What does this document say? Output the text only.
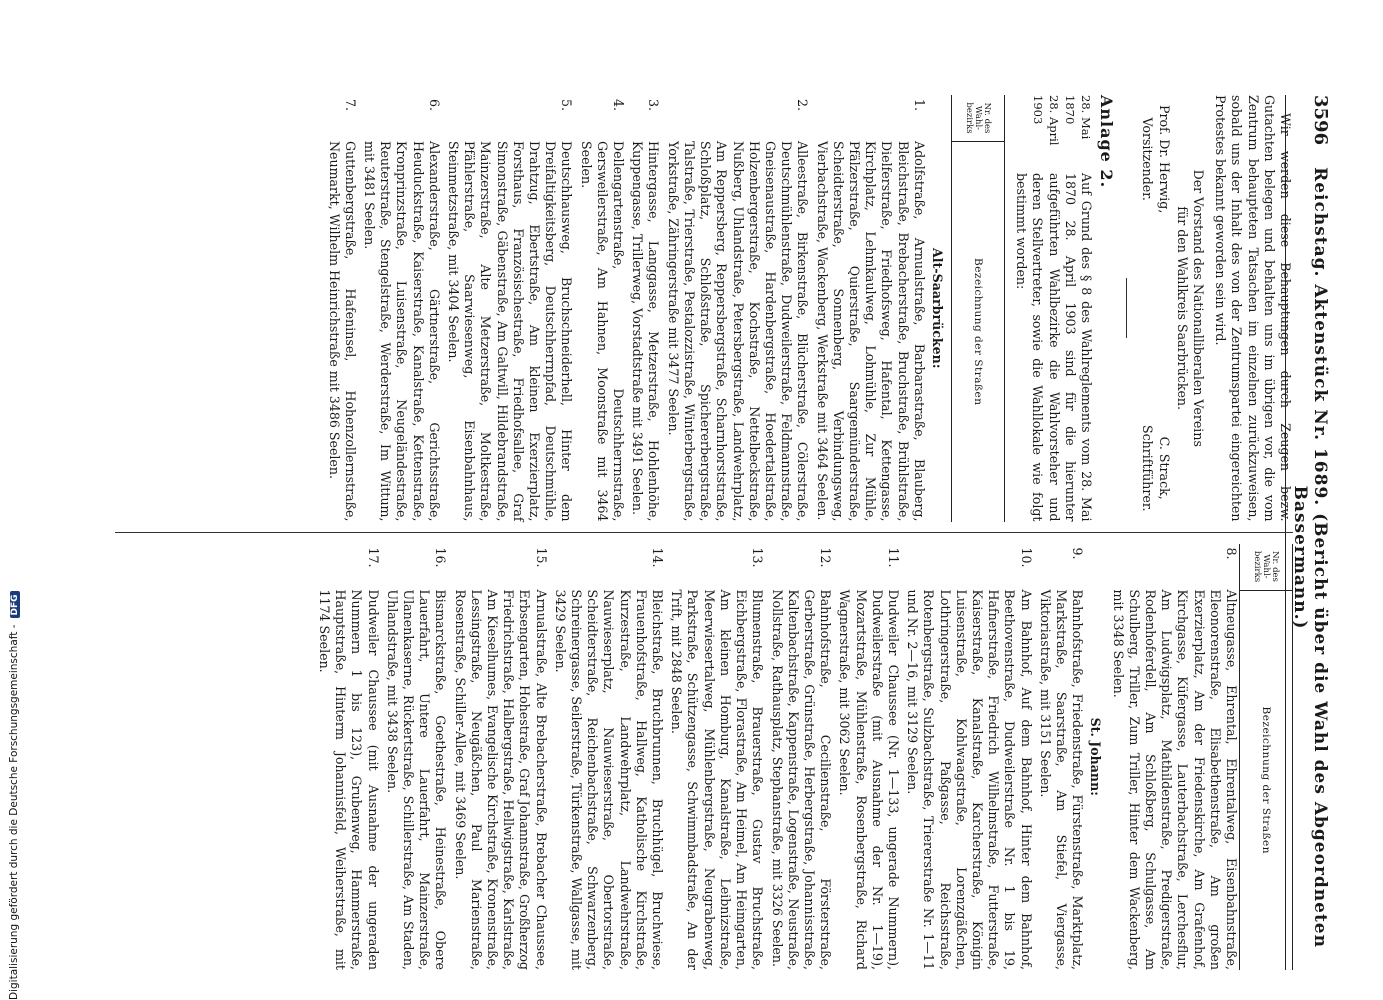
3596
Reichstag. Aktenstück Nr. 1689. (Bericht über die Wahl des Abgeordneten Bassermann.)

Wir werden diese Behauptungen durch Zeugen bezw. Gutachten belegen und behalten uns im übrigen vor, die vom Zentrum behaupteten Tatsachen im einzelnen zurückzuweisen, sobald uns der Inhalt des von der Zentrumspartei eingereichten Protestes bekannt geworden sein wird.

Der Vorstand des Nationalliberalen Vereins
für den Wahlkreis Saarbrücken.
Prof. Dr. Herwig,
Vorsitzender.
C. Strack,
Schriftführer.
Anlage 2.
28. Mai 1870
28. April 1903
Auf Grund des § 8 des Wahlreglements vom 28. Mai 1870 28. April 1903 sind für die hierunter aufgeführten Wahlbezirke die Wahlvorsteher und deren Stellvertreter, sowie die Wahllokale wie folgt bestimmt worden:
Nr. des Wahl- bezirks
Bezeichnung der Straßen
Alt-Saarbrücken:
1.
Adolfstraße, Arnualstraße, Barbarastraße, Blauberg, Bleichstraße, Brebacherstraße, Bruchstraße, Brühlstraße, Dielferstraße, Friedhofsweg, Hafental, Kettengasse, Kirchplatz, Lehmkaulweg, Lohmühle, Zur Mühle, Pfälzerstraße, Quierstraße, Saargemünderstraße, Scheidterstraße, Sonnenberg, Verbindungsweg, Vierbachstraße, Wackenberg, Werkstraße mit 3464 Seelen.
2.
Alleestraße, Birkenstraße, Blücherstraße, Cölerstraße, Deutschmühlenstraße, Dudweilerstraße, Feldmannstraße, Gneisenaustraße, Hardenbergstraße, Hoedertalstraße, Holzenbergerstraße, Kochstraße, Nettelbeckstraße, Nußberg, Uhlandstraße, Petersbergstraße, Landwehrplatz, Am Reppersberg, Reppersbergstraße, Scharnhorststraße, Schloßplatz, Schloßstraße, Spichererbergstraße, Talstraße, Trierstraße, Pestalozzistraße, Winterbergstraße, Yorkstraße, Zähringerstraße mit 3477 Seelen.
3.
Hintergasse, Langgasse, Metzerstraße, Hohlenhöhe, Kuppengasse, Trillerweg, Vorstadtstraße mit 3491 Seelen.
4.
Dellengartenstraße, Deutschherrnstraße, Gersweilerstraße, Am Hahnen, Moonstraße mit 3464 Seelen.
5.
Deutschhausweg, Bruchschneiderhell, Hinter dem Dreifaltigkeitsberg, Deutschherrnpfad, Deutschmühle, Drahtzug, Ebertstraße, Am kleinen Exerzierplatz, Forsthaus, Französischestraße, Friedhofsallee, Graf Simonstraße, Gäbenstraße, Am Galtwill, Hildebrandstraße, Mainzerstraße, Alte Metzerstraße, Moltkestraße, Pfählerstraße, Saarwiesenweg, Eisenbahnhaus, Steinmetzstraße, mit 3404 Seelen.
6.
Alexanderstraße, Gärtnerstraße, Gerichtsstraße, Heuduckstraße, Kaiserstraße, Kanalstraße, Kettenstraße, Kronprinzstraße, Luisenstraße, Neugeländestraße, Reuterstraße, Stengelstraße, Werderstraße, Im Wittum, mit 3481 Seelen.
7.
Guttenbergstraße, Hafeninsel, Hohenzollernstraße, Neumarkt, Wilhelm Heinrichstraße mit 3486 Seelen.
Nr. des Wahl- bezirks
Bezeichnung der Straßen
8.
Altneugasse, Ehrental, Ehrentalweg, Eisenbahnstraße, Eleonorenstraße, Elisabethenstraße, Am großen Exerzierplatz, Am der Friedenskirche, Am Grafenhof, Kirchgasse, Küfergasse, Lauterbachstraße, Lerchesflur, Am Ludwigsplatz, Mathildenstraße, Predigerstraße, Rodenhoferdell, Am Schloßberg, Schulgasse, Am Schulberg, Triller, Zum Triller, Hinter dem Wackenberg, mit 3348 Seelen.
St. Johann:
9.
Bahnhofstraße, Friedenstraße, Fürstenstraße, Marktplatz, Markstraße, Saarstraße, Am Stiefel, Viergasse, Viktoriastraße, mit 3151 Seelen.
10.
Am Bahnhof, Auf dem Bahnhof, Hinter dem Bahnhof, Beethovenstraße, Dudweilerstraße Nr. 1 bis 19, Hafnerstraße, Friedrich Wilhelmstraße, Futterstraße, Kaiserstraße, Kanalstraße, Karcherstraße, Königin Luisenstraße, Kohlwaagstraße, Lorenzgäßchen, Lothringerstraße, Paßgasse, Reichsstraße, Rotenbergstraße, Sulzbachstraße, Triererstraße Nr. 1—11 und Nr. 2—16, mit 3129 Seelen.
11.
Dudweiler Chaussee (Nr. 1—133, ungerade Nummern), Dudweilerstraße (mit Ausnahme der Nr. 1—19), Mozartstraße, Mühlenstraße, Rosenbergstraße, Richard Wagnerstraße, mit 3062 Seelen.
12.
Bahnhofstraße, Cecilienstraße, Försterstraße, Gerberstraße, Grünstraße, Herbergstraße, Johannisstraße, Kaltenbachstraße, Kappenstraße, Logenstraße, Neustraße, Nollstraße, Rathausplatz, Stephanstraße, mit 3326 Seelen.
13.
Blumenstraße, Brauerstraße, Gustav Bruchstraße, Eichbergstraße, Florastraße, Am Heimel, Am Heimgarten, Am kleinen Homburg, Kanalstraße, Leibnizstraße, Meerwiesertalweg, Mühlenbergstraße, Neugrabenweg, Parkstraße, Schützengasse, Schwimmbadstraße, An der Trift, mit 2848 Seelen.
14.
Bleichstraße, Bruchbrunnen, Bruchhügel, Bruchwiese, Frauenhofstraße, Hallweg, Katholische Kirchstraße, Kurzestraße, Landwehrplatz, Landwehrstraße, Nauwieserplatz, Nauwieserstraße, Obertorstraße, Scheidterstraße, Reichenbachstraße, Schwarzenberg, Schreinergasse, Seilerstraße, Türkenstraße, Wallgasse, mit 3429 Seelen.
15.
Arnualstraße, Alte Brebacherstraße, Brebacher Chaussee, Erbsengarten, Hohestraße, Graf Johannstraße, Großherzog Friedrichstraße, Halbergstraße, Hellwigstraße, Karlstraße, Am Kieselhumes, Evangelische Kirchstraße, Kronenstraße, Lessingstraße, Neugäßchen, Paul Marienstraße, Rosenstraße, Schiller-Allee, mit 3469 Seelen.
16.
Bismarckstraße, Goethestraße, Heinestraße, Obere Lauerfahrt, Untere Lauerfahrt, Mainzerstraße, Ulanenkaserne, Rückertstraße, Schillerstraße, Am Staden, Uhlandstraße, mit 3438 Seelen.
17.
Dudweiler Chaussee (mit Ausnahme der ungeraden Nummern 1 bis 123), Grubenweg, Hammerstraße, Hauptstraße, Hinterm Johannisfeld, Weiherstraße, mit 1174 Seelen.
Digitalisierung gefördert durch die Deutsche Forschungsgemeinschaft -DFG
